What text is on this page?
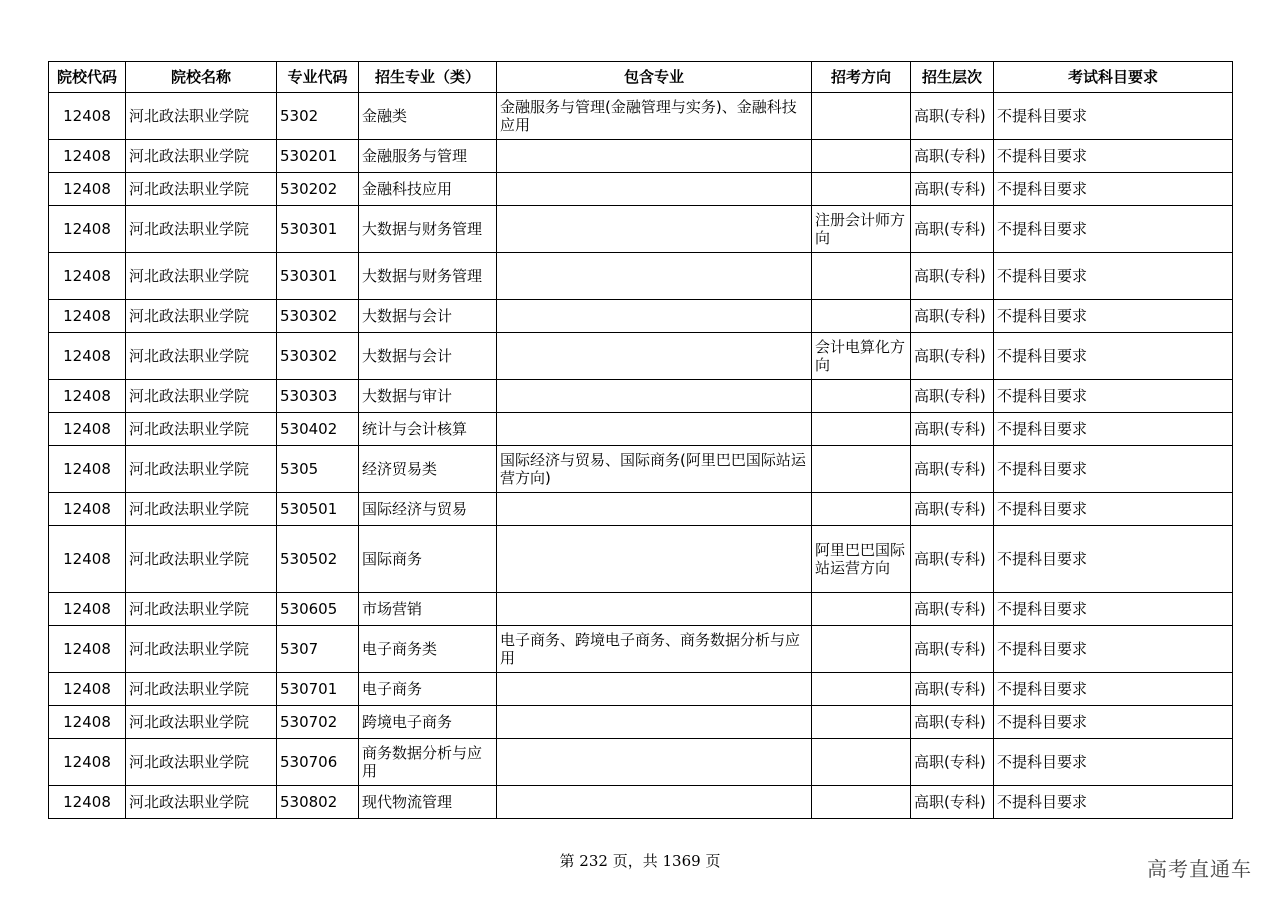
院校代码	院校名称	专业代码	招生专业（类）	包含专业	招考方向	招生层次	考试科目要求
12408	河北政法职业学院	5302	金融类	金融服务与管理(金融管理与实务)、金融科技应用		高职(专科)	不提科目要求
12408	河北政法职业学院	530201	金融服务与管理			高职(专科)	不提科目要求
12408	河北政法职业学院	530202	金融科技应用			高职(专科)	不提科目要求
12408	河北政法职业学院	530301	大数据与财务管理		注册会计师方向	高职(专科)	不提科目要求
12408	河北政法职业学院	530301	大数据与财务管理			高职(专科)	不提科目要求
12408	河北政法职业学院	530302	大数据与会计			高职(专科)	不提科目要求
12408	河北政法职业学院	530302	大数据与会计		会计电算化方向	高职(专科)	不提科目要求
12408	河北政法职业学院	530303	大数据与审计			高职(专科)	不提科目要求
12408	河北政法职业学院	530402	统计与会计核算			高职(专科)	不提科目要求
12408	河北政法职业学院	5305	经济贸易类	国际经济与贸易、国际商务(阿里巴巴国际站运营方向)		高职(专科)	不提科目要求
12408	河北政法职业学院	530501	国际经济与贸易			高职(专科)	不提科目要求
12408	河北政法职业学院	530502	国际商务		阿里巴巴国际站运营方向	高职(专科)	不提科目要求
12408	河北政法职业学院	530605	市场营销			高职(专科)	不提科目要求
12408	河北政法职业学院	5307	电子商务类	电子商务、跨境电子商务、商务数据分析与应用		高职(专科)	不提科目要求
12408	河北政法职业学院	530701	电子商务			高职(专科)	不提科目要求
12408	河北政法职业学院	530702	跨境电子商务			高职(专科)	不提科目要求
12408	河北政法职业学院	530706	商务数据分析与应用			高职(专科)	不提科目要求
12408	河北政法职业学院	530802	现代物流管理			高职(专科)	不提科目要求
第 232 页，共 1369 页	高考直通车
